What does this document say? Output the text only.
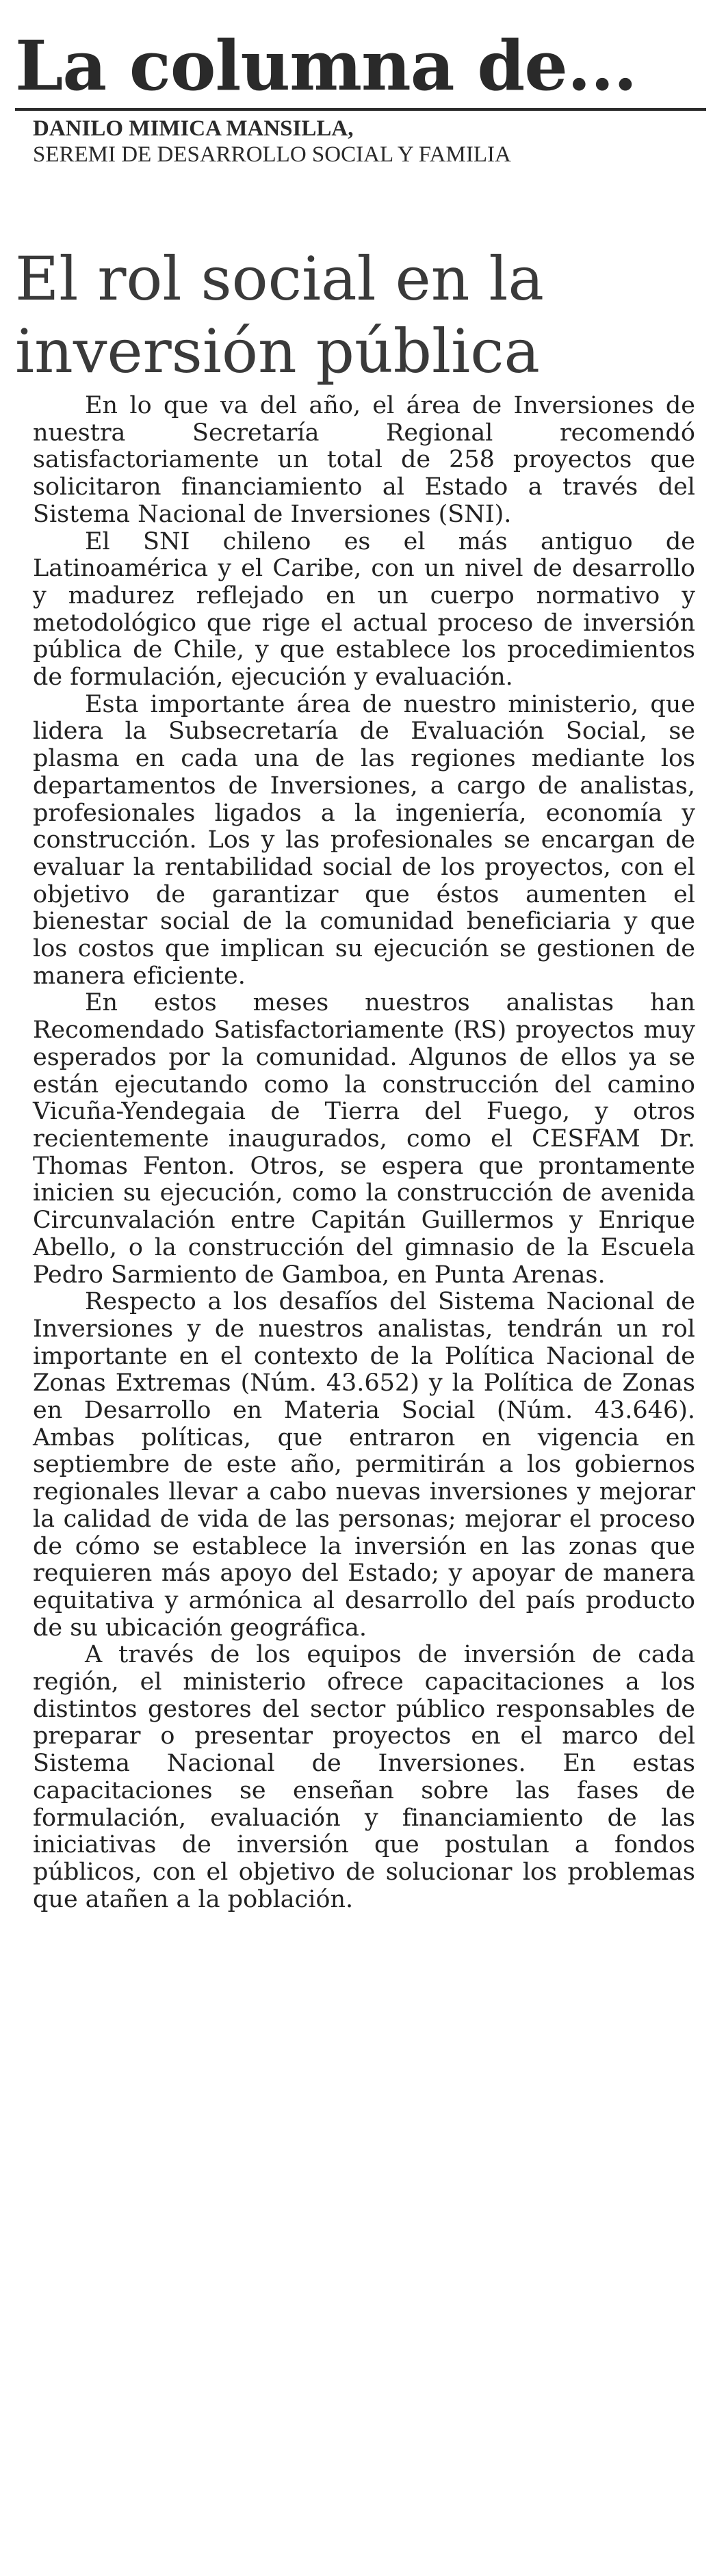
La columna de...
DANILO MIMICA MANSILLA,
SEREMI DE DESARROLLO SOCIAL Y FAMILIA
El rol social en la inversión pública

En lo que va del año, el área de Inversiones de nuestra Secretaría Regional recomendó satisfactoriamente un total de 258 proyectos que solicitaron financiamiento al Estado a través del Sistema Nacional de Inversiones (SNI).

El SNI chileno es el más antiguo de Latinoamérica y el Caribe, con un nivel de desarrollo y madurez reflejado en un cuerpo normativo y metodológico que rige el actual proceso de inversión pública de Chile, y que establece los procedimientos de formulación, ejecución y evaluación.

Esta importante área de nuestro ministerio, que lidera la Subsecretaría de Evaluación Social, se plasma en cada una de las regiones mediante los departamentos de Inversiones, a cargo de analistas, profesionales ligados a la ingeniería, economía y construcción. Los y las profesionales se encargan de evaluar la rentabilidad social de los proyectos, con el objetivo de garantizar que éstos aumenten el bienestar social de la comunidad beneficiaria y que los costos que implican su ejecución se gestionen de manera eficiente.

En estos meses nuestros analistas han Recomendado Satisfactoriamente (RS) proyectos muy esperados por la comunidad. Algunos de ellos ya se están ejecutando como la construcción del camino Vicuña-Yendegaia de Tierra del Fuego, y otros recientemente inaugurados, como el CESFAM Dr. Thomas Fenton. Otros, se espera que prontamente inicien su ejecución, como la construcción de avenida Circunvalación entre Capitán Guillermos y Enrique Abello, o la construcción del gimnasio de la Escuela Pedro Sarmiento de Gamboa, en Punta Arenas.

Respecto a los desafíos del Sistema Nacional de Inversiones y de nuestros analistas, tendrán un rol importante en el contexto de la Política Nacional de Zonas Extremas (Núm. 43.652) y la Política de Zonas en Desarrollo en Materia Social (Núm. 43.646). Ambas políticas, que entraron en vigencia en septiembre de este año, permitirán a los gobiernos regionales llevar a cabo nuevas inversiones y mejorar la calidad de vida de las personas; mejorar el proceso de cómo se establece la inversión en las zonas que requieren más apoyo del Estado; y apoyar de manera equitativa y armónica al desarrollo del país producto de su ubicación geográfica.

A través de los equipos de inversión de cada región, el ministerio ofrece capacitaciones a los distintos gestores del sector público responsables de preparar o presentar proyectos en el marco del Sistema Nacional de Inversiones. En estas capacitaciones se enseñan sobre las fases de formulación, evaluación y financiamiento de las iniciativas de inversión que postulan a fondos públicos, con el objetivo de solucionar los problemas que atañen a la población.
